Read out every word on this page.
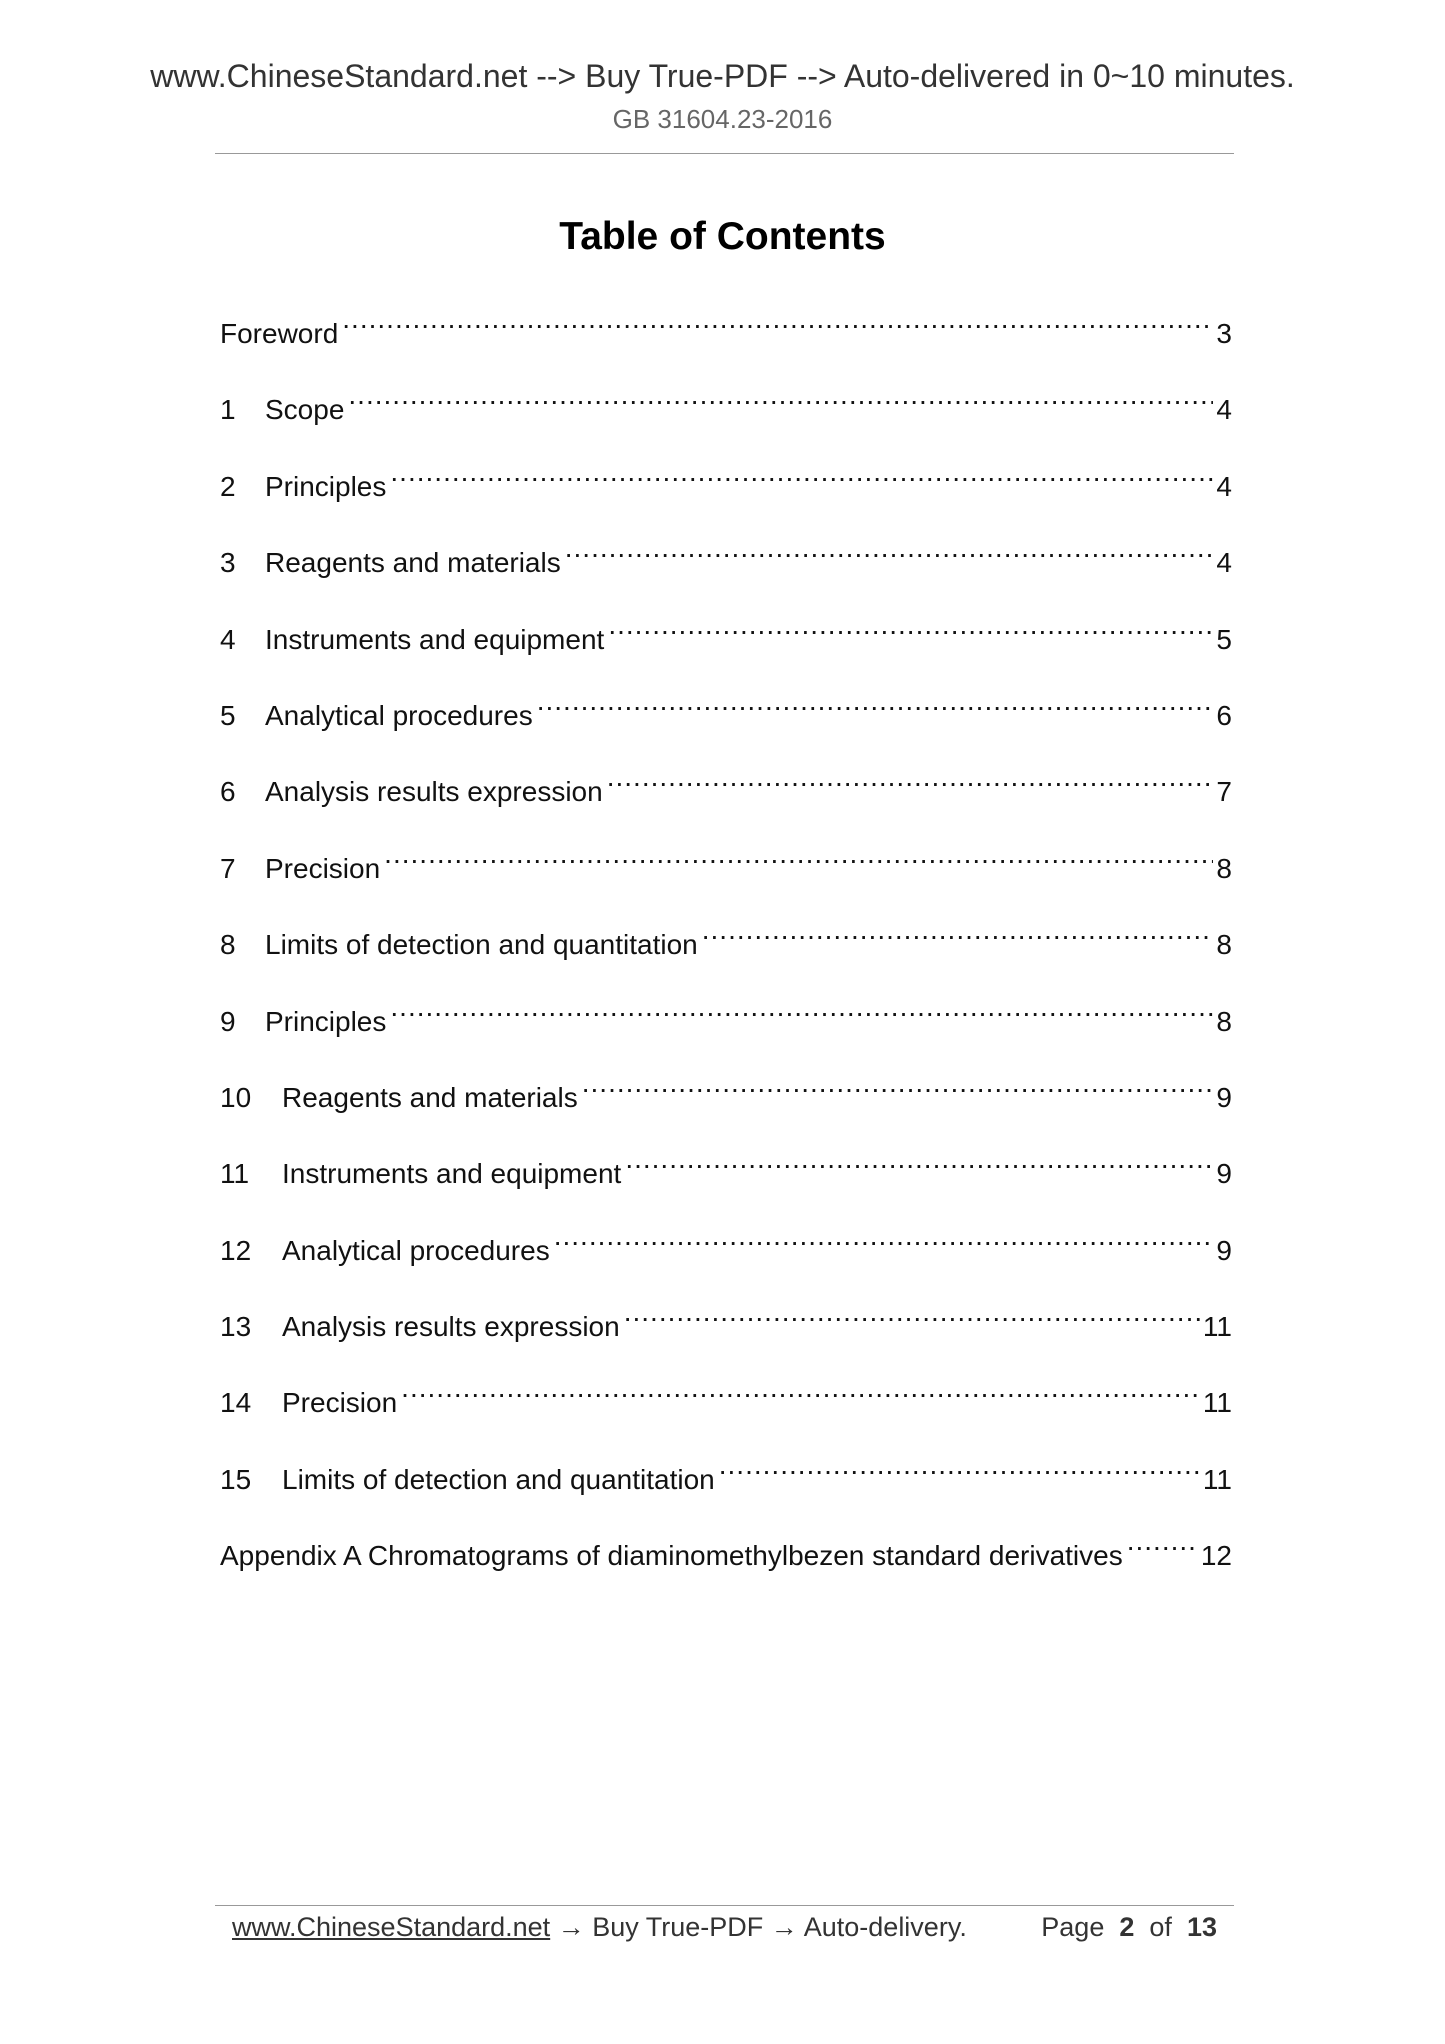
www.ChineseStandard.net --> Buy True-PDF --> Auto-delivered in 0~10 minutes.
GB 31604.23-2016
Table of Contents
Foreword .....	3
1	Scope .....	4
2	Principles .....	4
3	Reagents and materials .....	4
4	Instruments and equipment .....	5
5	Analytical procedures .....	6
6	Analysis results expression .....	7
7	Precision .....	8
8	Limits of detection and quantitation .....	8
9	Principles .....	8
10	Reagents and materials .....	9
11	Instruments and equipment .....	9
12	Analytical procedures .....	9
13	Analysis results expression .....	11
14	Precision .....	11
15	Limits of detection and quantitation .....	11
Appendix A Chromatograms of diaminomethylbezen standard derivatives .....	12
www.ChineseStandard.net → Buy True-PDF → Auto-delivery.	Page 2 of 13
